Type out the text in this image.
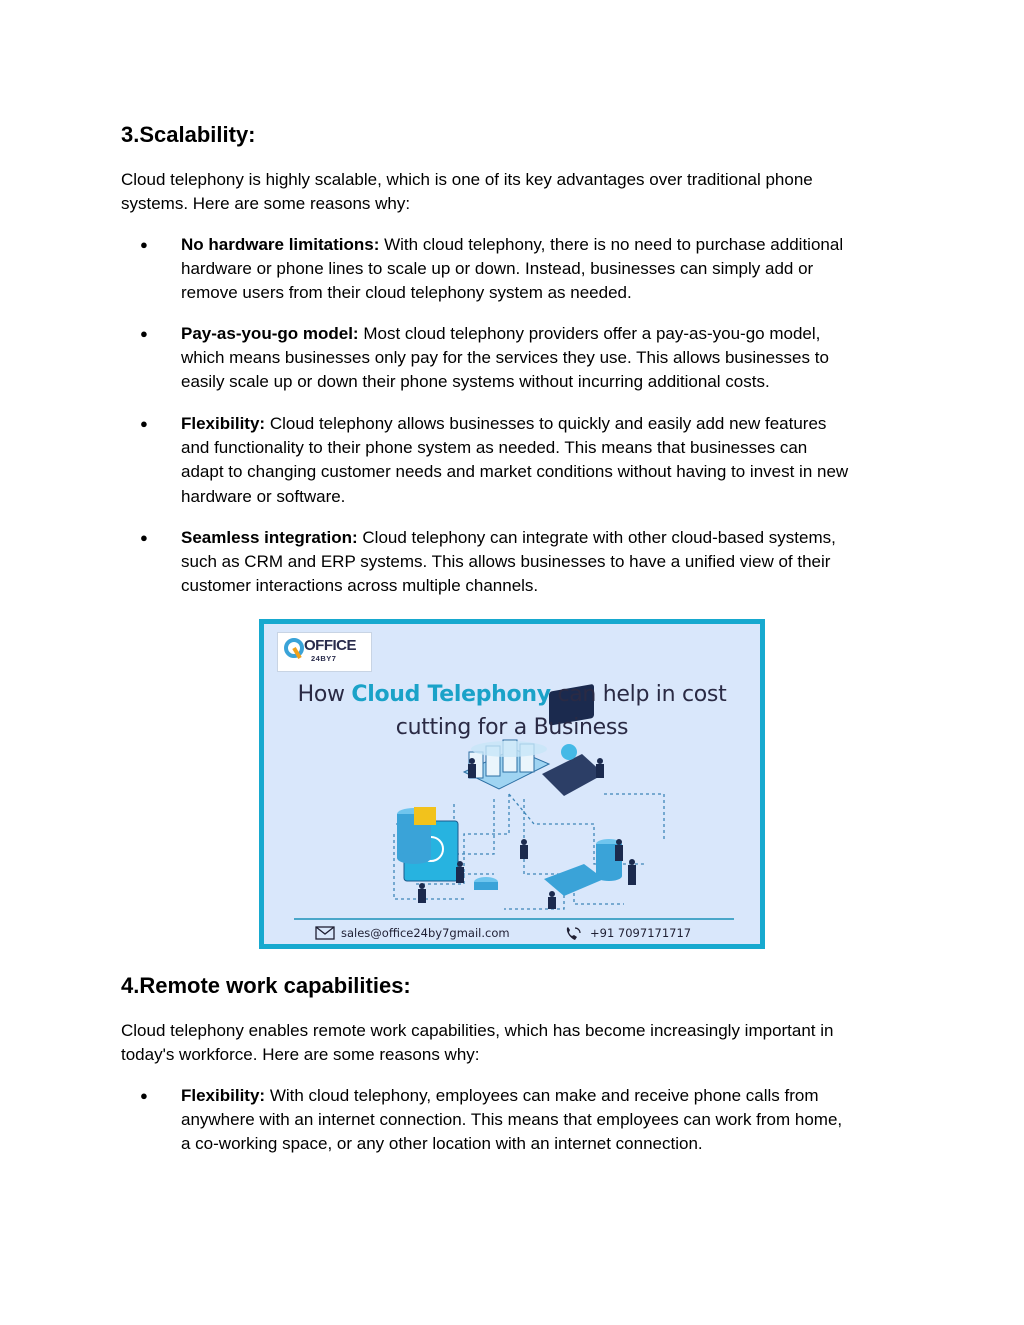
3.Scalability:
Cloud telephony is highly scalable, which is one of its key advantages over traditional phone
systems. Here are some reasons why:
●	No hardware limitations: With cloud telephony, there is no need to purchase additional
hardware or phone lines to scale up or down. Instead, businesses can simply add or
remove users from their cloud telephony system as needed.
●	Pay-as-you-go model: Most cloud telephony providers offer a pay-as-you-go model,
which means businesses only pay for the services they use. This allows businesses to
easily scale up or down their phone systems without incurring additional costs.
●	Flexibility: Cloud telephony allows businesses to quickly and easily add new features
and functionality to their phone system as needed. This means that businesses can
adapt to changing customer needs and market conditions without having to invest in new
hardware or software.
●	Seamless integration: Cloud telephony can integrate with other cloud-based systems,
such as CRM and ERP systems. This allows businesses to have a unified view of their
customer interactions across multiple channels.
OFFICE
24BY7
How Cloud Telephony can help in cost
cutting for a Business
sales@office24by7gmail.com	+91 7097171717
4.Remote work capabilities:
Cloud telephony enables remote work capabilities, which has become increasingly important in
today's workforce. Here are some reasons why:
●	Flexibility: With cloud telephony, employees can make and receive phone calls from
anywhere with an internet connection. This means that employees can work from home,
a co-working space, or any other location with an internet connection.
